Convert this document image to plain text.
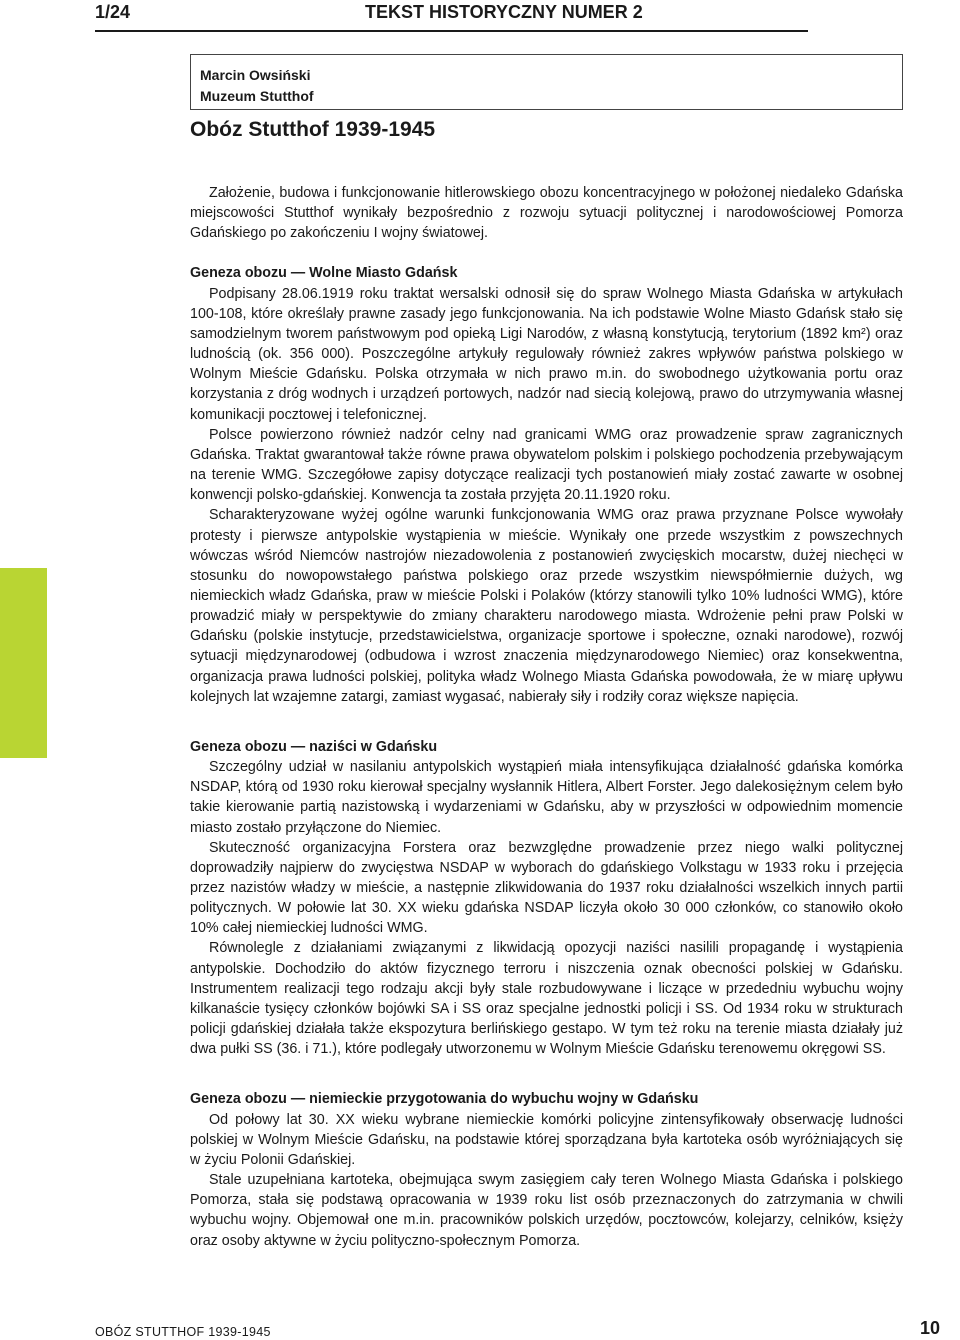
1/24	TEKST HISTORYCZNY NUMER 2
Marcin Owsiński
Muzeum Stutthof
Obóz Stutthof 1939-1945

Założenie, budowa i funkcjonowanie hitlerowskiego obozu koncentracyjnego w położonej niedaleko Gdańska miejscowości Stutthof wynikały bezpośrednio z rozwoju sytuacji politycznej i narodowościowej Pomorza Gdańskiego po zakończeniu I wojny światowej.

Geneza obozu — Wolne Miasto Gdańsk

Podpisany 28.06.1919 roku traktat wersalski odnosił się do spraw Wolnego Miasta Gdańska w artykułach 100-108, które określały prawne zasady jego funkcjonowania. Na ich podstawie Wolne Miasto Gdańsk stało się samodzielnym tworem państwowym pod opieką Ligi Narodów, z własną konstytucją, terytorium (1892 km²) oraz ludnością (ok. 356 000). Poszczególne artykuły regulowały również zakres wpływów państwa polskiego w Wolnym Mieście Gdańsku. Polska otrzymała w nich prawo m.in. do swobodnego użytkowania portu oraz korzystania z dróg wodnych i urządzeń portowych, nadzór nad siecią kolejową, prawo do utrzymywania własnej komunikacji pocztowej i telefonicznej.

Polsce powierzono również nadzór celny nad granicami WMG oraz prowadzenie spraw zagranicznych Gdańska. Traktat gwarantował także równe prawa obywatelom polskim i polskiego pochodzenia przebywającym na terenie WMG. Szczegółowe zapisy dotyczące realizacji tych postanowień miały zostać zawarte w osobnej konwencji polsko-gdańskiej. Konwencja ta została przyjęta 20.11.1920 roku.

Scharakteryzowane wyżej ogólne warunki funkcjonowania WMG oraz prawa przyznane Polsce wywołały protesty i pierwsze antypolskie wystąpienia w mieście. Wynikały one przede wszystkim z powszechnych wówczas wśród Niemców nastrojów niezadowolenia z postanowień zwycięskich mocarstw, dużej niechęci w stosunku do nowopowstałego państwa polskiego oraz przede wszystkim niewspółmiernie dużych, wg niemieckich władz Gdańska, praw w mieście Polski i Polaków (którzy stanowili tylko 10% ludności WMG), które prowadzić miały w perspektywie do zmiany charakteru narodowego miasta. Wdrożenie pełni praw Polski w Gdańsku (polskie instytucje, przedstawicielstwa, organizacje sportowe i społeczne, oznaki narodowe), rozwój sytuacji międzynarodowej (odbudowa i wzrost znaczenia międzynarodowego Niemiec) oraz konsekwentna, organizacja prawa ludności polskiej, polityka władz Wolnego Miasta Gdańska powodowała, że w miarę upływu kolejnych lat wzajemne zatargi, zamiast wygasać, nabierały siły i rodziły coraz większe napięcia.

Geneza obozu — naziści w Gdańsku

Szczególny udział w nasilaniu antypolskich wystąpień miała intensyfikująca działalność gdańska komórka NSDAP, którą od 1930 roku kierował specjalny wysłannik Hitlera, Albert Forster. Jego dalekosiężnym celem było takie kierowanie partią nazistowską i wydarzeniami w Gdańsku, aby w przyszłości w odpowiednim momencie miasto zostało przyłączone do Niemiec.

Skuteczność organizacyjna Forstera oraz bezwzględne prowadzenie przez niego walki politycznej doprowadziły najpierw do zwycięstwa NSDAP w wyborach do gdańskiego Volkstagu w 1933 roku i przejęcia przez nazistów władzy w mieście, a następnie zlikwidowania do 1937 roku działalności wszelkich innych partii politycznych. W połowie lat 30. XX wieku gdańska NSDAP liczyła około 30 000 członków, co stanowiło około 10% całej niemieckiej ludności WMG.

Równolegle z działaniami związanymi z likwidacją opozycji naziści nasilili propagandę i wystąpienia antypolskie. Dochodziło do aktów fizycznego terroru i niszczenia oznak obecności polskiej w Gdańsku. Instrumentem realizacji tego rodzaju akcji były stale rozbudowywane i liczące w przededniu wybuchu wojny kilkanaście tysięcy członków bojówki SA i SS oraz specjalne jednostki policji i SS. Od 1934 roku w strukturach policji gdańskiej działała także ekspozytura berlińskiego gestapo. W tym też roku na terenie miasta działały już dwa pułki SS (36. i 71.), które podlegały utworzonemu w Wolnym Mieście Gdańsku terenowemu okręgowi SS.

Geneza obozu — niemieckie przygotowania do wybuchu wojny w Gdańsku

Od połowy lat 30. XX wieku wybrane niemieckie komórki policyjne zintensyfikowały obserwację ludności polskiej w Wolnym Mieście Gdańsku, na podstawie której sporządzana była kartoteka osób wyróżniających się w życiu Polonii Gdańskiej.

Stale uzupełniana kartoteka, obejmująca swym zasięgiem cały teren Wolnego Miasta Gdańska i polskiego Pomorza, stała się podstawą opracowania w 1939 roku list osób przeznaczonych do zatrzymania w chwili wybuchu wojny. Objemował one m.in. pracowników polskich urzędów, pocztowców, kolejarzy, celników, księży oraz osoby aktywne w życiu polityczno-społecznym Pomorza.

OBÓZ STUTTHOF 1939-1945	10
